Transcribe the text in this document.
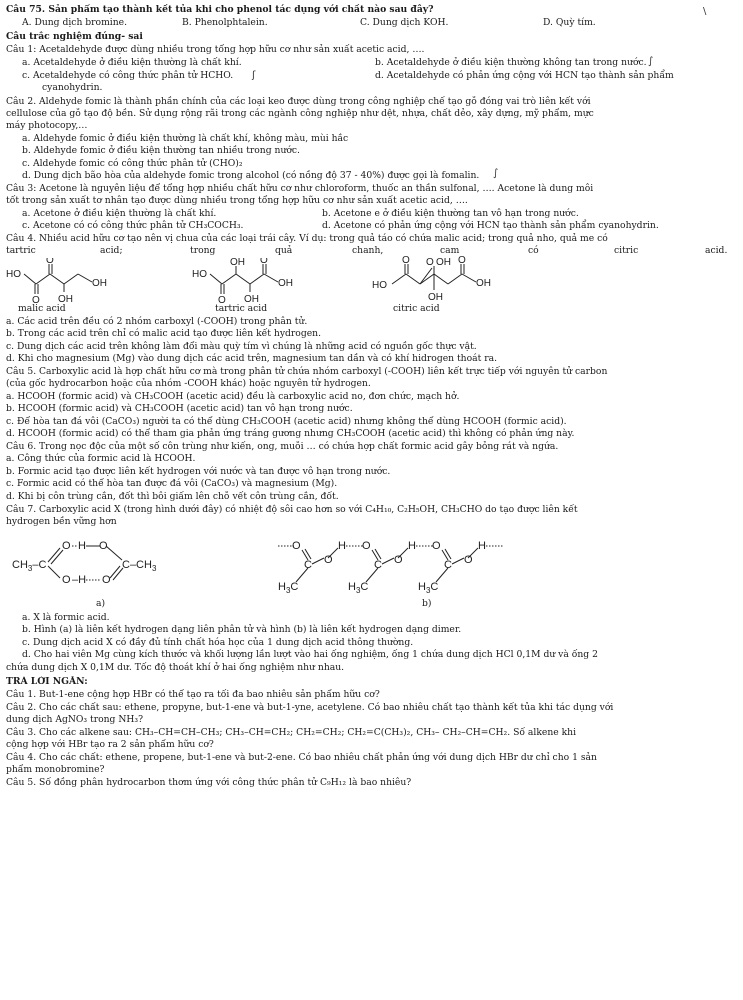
Câu 75. Sản phẩm tạo thành kết tủa khi cho phenol tác dụng với chất nào sau đây?
A. Dung dịch bromine.	B. Phenolphtalein.	C. Dung dịch KOH.	D. Quỳ tím.
\
Câu trắc nghiệm đúng- sai
Câu 1: Acetaldehyde được dùng nhiều trong tổng hợp hữu cơ như sản xuất acetic acid, ….
a. Acetaldehyde ở điều kiện thường là chất khí.	b. Acetaldehyde ở điều kiện thường không tan trong nước.
c. Acetaldehyde có công thức phân tử HCHO.	d. Acetaldehyde có phản ứng cộng với HCN tạo thành sản phẩm
cyanohydrin.
Câu 2. Aldehyde fomic là thành phần chính của các loại keo được dùng trong công nghiệp chế tạo gỗ đóng vai trò liên kết với
cellulose của gỗ tạo độ bền. Sử dụng rộng rãi trong các ngành công nghiệp như dệt, nhựa, chất dẻo, xây dựng, mỹ phẩm, mực
máy photocopy,…
a. Aldehyde fomic ở điều kiện thường là chất khí, không màu, mùi hắc
b. Aldehyde fomic ở điều kiện thường tan nhiều trong nước.
c. Aldehyde fomic có công thức phân tử (CHO)₂
d. Dung dịch bão hòa của aldehyde fomic trong alcohol (có nồng độ 37 - 40%) được gọi là fomalin.
Câu 3: Acetone là nguyên liệu để tổng hợp nhiều chất hữu cơ như chloroform, thuốc an thần sulfonal, …. Acetone là dung môi
tốt trong sản xuất tơ nhân tạo được dùng nhiều trong tổng hợp hữu cơ như sản xuất acetic acid, ….
a. Acetone ở điều kiện thường là chất khí.	b. Acetone e ở điều kiện thường tan vô hạn trong nước.
c. Acetone có có công thức phân tử CH₃COCH₃.	d. Acetone có phản ứng cộng với HCN tạo thành sản phẩm cyanohydrin.
Câu 4. Nhiều acid hữu cơ tạo nên vị chua của các loại trái cây. Ví dụ: trong quả táo có chứa malic acid; trong quả nho, quả me có
tartric	acid;	trong	quả	chanh,	cam	có	citric	acid.
HO
O
OH
O OH
malic acid
HO
OH O
OH
O OH
tartric acid
HO
O O OH O
OH
OH
citric acid
a. Các acid trên đều có 2 nhóm carboxyl (-COOH) trong phân tử.
b. Trong các acid trên chỉ có malic acid tạo được liên kết hydrogen.
c. Dung dịch các acid trên không làm đổi màu quỳ tím vì chúng là những acid có nguồn gốc thực vật.
d. Khi cho magnesium (Mg) vào dung dịch các acid trên, magnesium tan dần và có khí hidrogen thoát ra.
Câu 5. Carboxylic acid là hợp chất hữu cơ mà trong phân tử chứa nhóm carboxyl (-COOH) liên kết trực tiếp với nguyên tử carbon
(của gốc hydrocarbon hoặc của nhóm -COOH khác) hoặc nguyên tử hydrogen.
a. HCOOH (formic acid) và CH₃COOH (acetic acid) đều là carboxylic acid no, đơn chức, mạch hở.
b. HCOOH (formic acid) và CH₃COOH (acetic acid) tan vô hạn trong nước.
c. Để hòa tan đá vôi (CaCO₃) người ta có thể dùng CH₃COOH (acetic acid) nhưng không thể dùng HCOOH (formic acid).
d. HCOOH (formic acid) có thể tham gia phản ứng tráng gương nhưng CH₃COOH (acetic acid) thì không có phản ứng này.
Câu 6. Trong nọc độc của một số côn trùng như kiến, ong, muỗi … có chứa hợp chất formic acid gây bỏng rát và ngứa.
a. Công thức của formic acid là HCOOH.
b. Formic acid tạo được liên kết hydrogen với nước và tan được vô hạn trong nước.
c. Formic acid có thể hòa tan được đá vôi (CaCO₃) và magnesium (Mg).
d. Khi bị côn trùng cắn, đốt thì bôi giấm lên chỗ vết côn trùng cắn, đốt.
Câu 7. Carboxylic acid X (trong hình dưới đây) có nhiệt độ sôi cao hơn so với C₄H₁₀, C₂H₅OH, CH₃CHO do tạo được liên kết
hydrogen bền vững hơn
$CH_3-C$
O H O
O –H O
$C-CH_3$
a)
O
C O
H
$H_3C$
O
C O
H
$H_3C$
O
C O
H
$H_3C$
b)
a. X là formic acid.
b. Hình (a) là liên kết hydrogen dạng liên phân tử và hình (b) là liên kết hydrogen dạng dimer.
c. Dung dịch acid X có đầy đủ tính chất hóa học của 1 dung dịch acid thông thường.
d. Cho hai viên Mg cùng kích thước và khối lượng lần lượt vào hai ống nghiệm, ống 1 chứa dung dịch HCl 0,1M dư và ống 2
chứa dung dịch X 0,1M dư. Tốc độ thoát khí ở hai ống nghiệm như nhau.
TRẢ LỜI NGẮN:
Câu 1. But-1-ene cộng hợp HBr có thể tạo ra tối đa bao nhiêu sản phẩm hữu cơ?
Câu 2. Cho các chất sau: ethene, propyne, but-1-ene và but-1-yne, acetylene. Có bao nhiêu chất tạo thành kết tủa khi tác dụng với
dung dịch AgNO₃ trong NH₃?
Câu 3. Cho các alkene sau: CH₃–CH=CH–CH₃; CH₃–CH=CH₂; CH₂=CH₂; CH₂=C(CH₃)₂, CH₃– CH₂–CH=CH₂. Số alkene khi
cộng hợp với HBr tạo ra 2 sản phẩm hữu cơ?
Câu 4. Cho các chất: ethene, propene, but-1-ene và but-2-ene. Có bao nhiêu chất phản ứng với dung dịch HBr dư chỉ cho 1 sản
phẩm monobromine?
Câu 5. Số đồng phân hydrocarbon thơm ứng với công thức phân tử C₉H₁₂ là bao nhiêu?
ʃ
∫
∫
